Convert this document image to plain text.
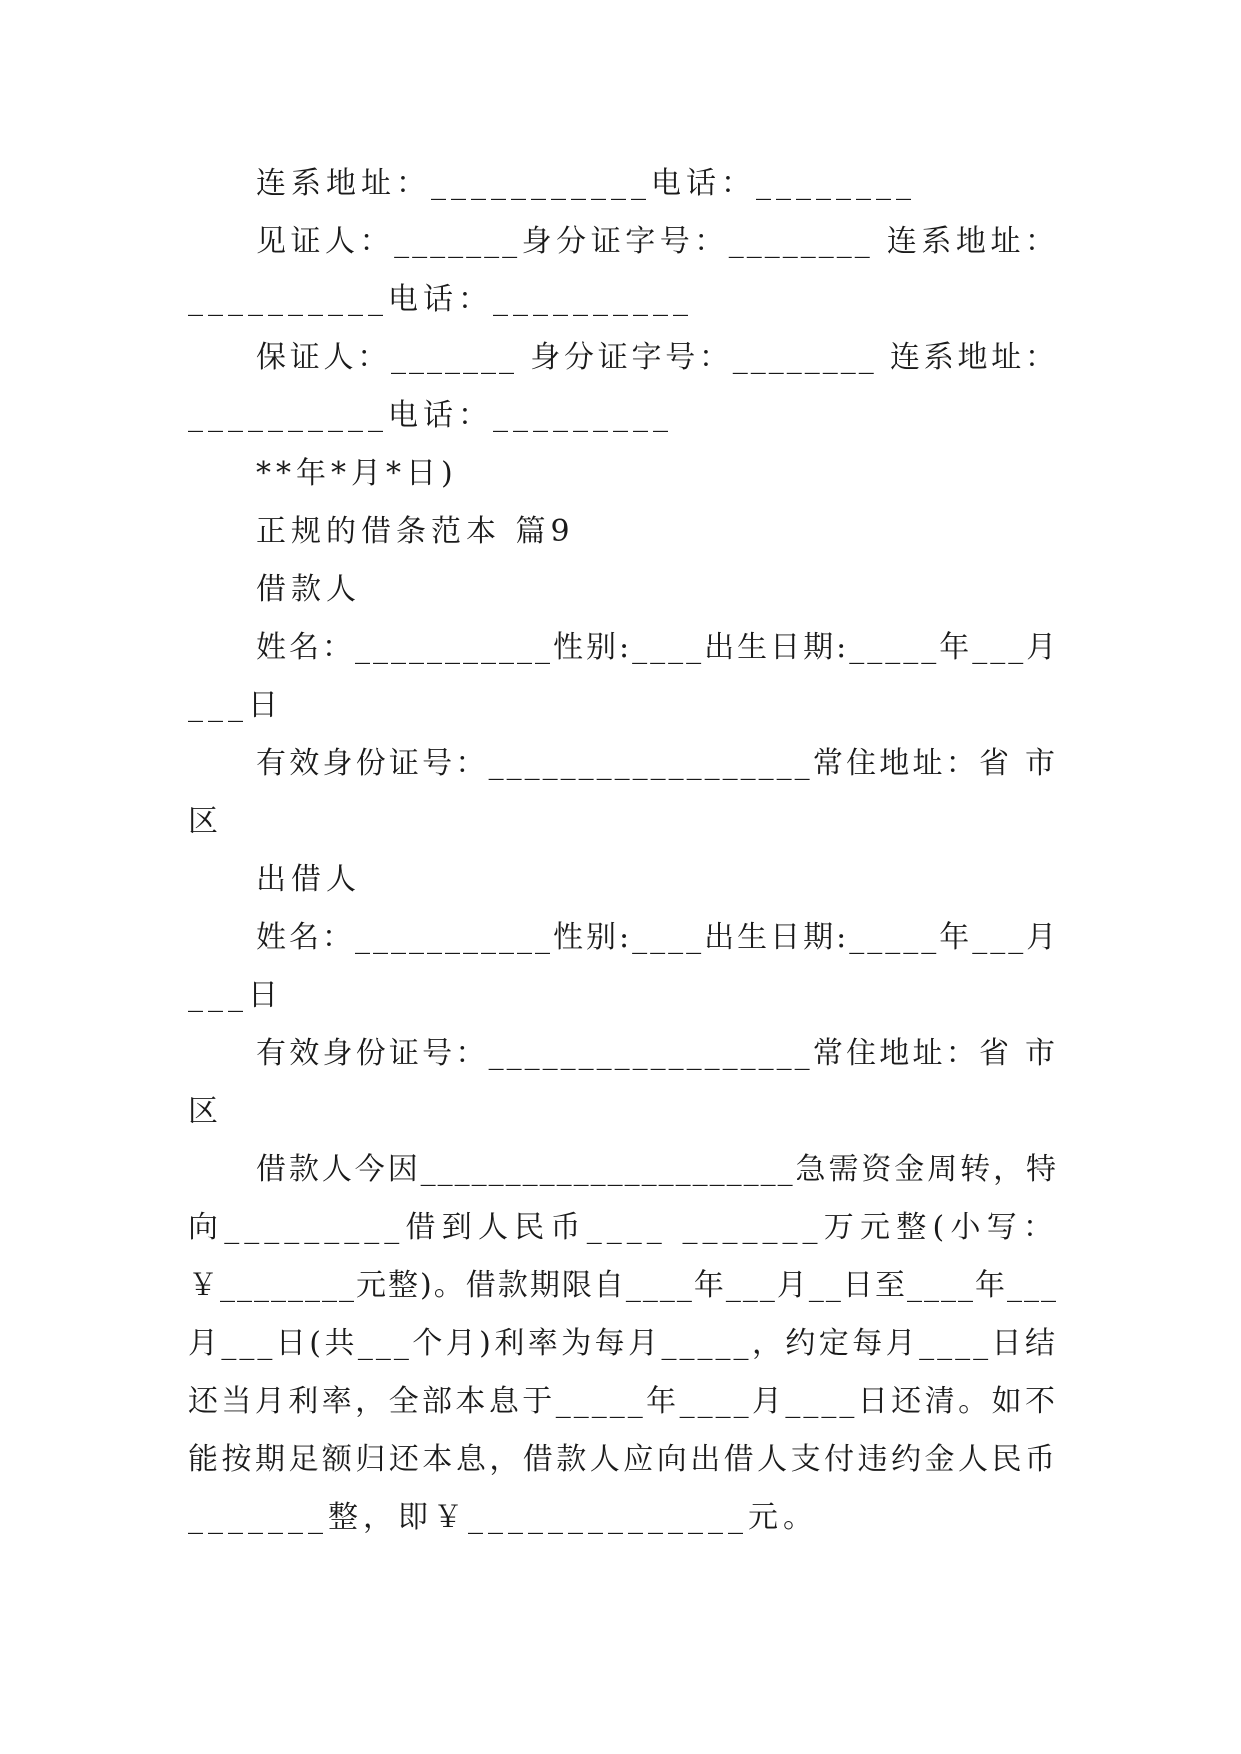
连系地址：___________电话：________
见证人：_______身分证字号：________ 连系地址：
__________电话：__________
保证人：_______ 身分证字号：________ 连系地址：
__________电话：_________
**年*月*日)
正规的借条范本 篇9
借款人
姓名：___________性别:____出生日期:_____年___月
___日
有效身份证号：__________________常住地址：省 市
区
出借人
姓名：___________性别:____出生日期:_____年___月
___日
有效身份证号：__________________常住地址：省 市
区
借款人今因______________________急需资金周转，特
向_________借到人民币____ _______万元整(小写：
￥________元整)。借款期限自____年___月__日至____年___
月___日(共___个月)利率为每月_____，约定每月____日结
还当月利率，全部本息于_____年____月____日还清。如不
能按期足额归还本息，借款人应向出借人支付违约金人民币
_______整，即￥______________元。
